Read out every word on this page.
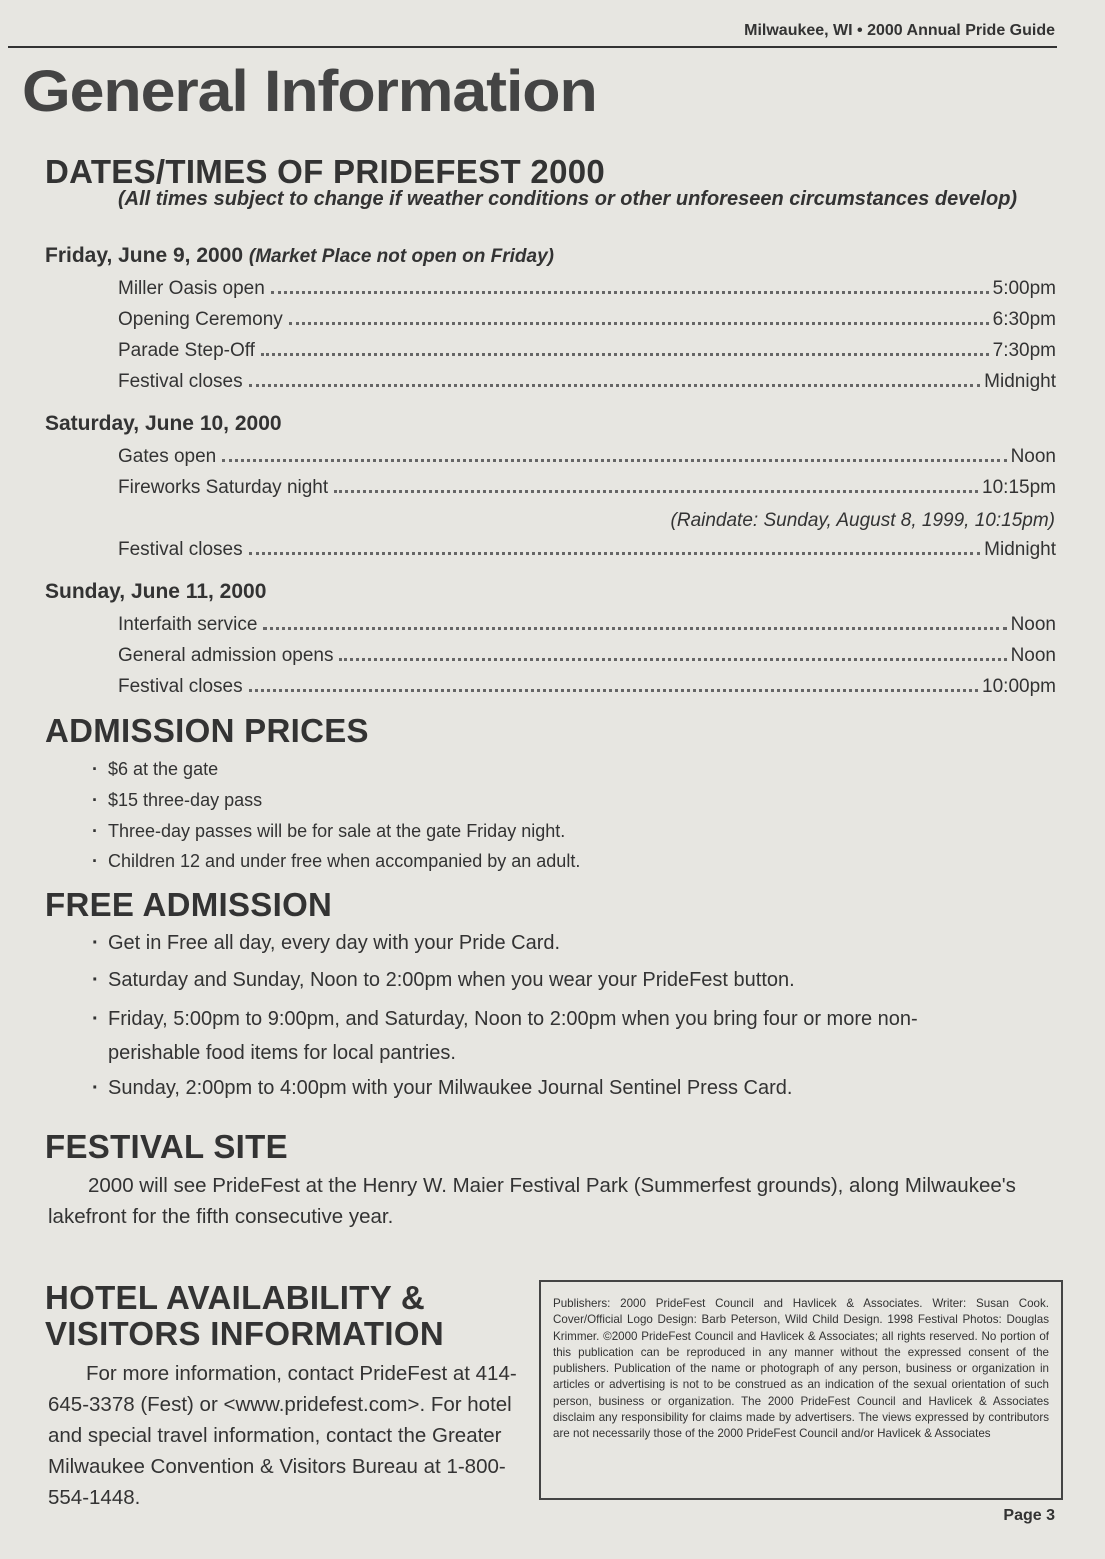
Milwaukee, WI • 2000 Annual Pride Guide
General Information
DATES/TIMES OF PRIDEFEST 2000
(All times subject to change if weather conditions or other unforeseen circumstances develop)
Friday, June 9, 2000 (Market Place not open on Friday)
Miller Oasis open	5:00pm
Opening Ceremony	6:30pm
Parade Step-Off	7:30pm
Festival closes	Midnight
Saturday, June 10, 2000
Gates open	Noon
Fireworks Saturday night	10:15pm
(Raindate: Sunday, August 8, 1999, 10:15pm)
Festival closes	Midnight
Sunday, June 11, 2000
Interfaith service	Noon
General admission opens	Noon
Festival closes	10:00pm
ADMISSION PRICES
· $6 at the gate
· $15 three-day pass
· Three-day passes will be for sale at the gate Friday night.
· Children 12 and under free when accompanied by an adult.
FREE ADMISSION
· Get in Free all day, every day with your Pride Card.
· Saturday and Sunday, Noon to 2:00pm when you wear your PrideFest button.
· Friday, 5:00pm to 9:00pm, and Saturday, Noon to 2:00pm when you bring four or more non-perishable food items for local pantries.
· Sunday, 2:00pm to 4:00pm with your Milwaukee Journal Sentinel Press Card.
FESTIVAL SITE
2000 will see PrideFest at the Henry W. Maier Festival Park (Summerfest grounds), along Milwaukee's lakefront for the fifth consecutive year.
HOTEL AVAILABILITY &
VISITORS INFORMATION
For more information, contact PrideFest at 414-645-3378 (Fest) or <www.pridefest.com>. For hotel and special travel information, contact the Greater Milwaukee Convention & Visitors Bureau at 1-800-554-1448.
Publishers: 2000 PrideFest Council and Havlicek & Associates. Writer: Susan Cook. Cover/Official Logo Design: Barb Peterson, Wild Child Design. 1998 Festival Photos: Douglas Krimmer. ©2000 PrideFest Council and Havlicek & Associates; all rights reserved. No portion of this publication can be reproduced in any manner without the expressed consent of the publishers. Publication of the name or photograph of any person, business or organization in articles or advertising is not to be construed as an indication of the sexual orientation of such person, business or organization. The 2000 PrideFest Council and Havlicek & Associates disclaim any responsibility for claims made by advertisers. The views expressed by contributors are not necessarily those of the 2000 PrideFest Council and/or Havlicek & Associates
Page 3
